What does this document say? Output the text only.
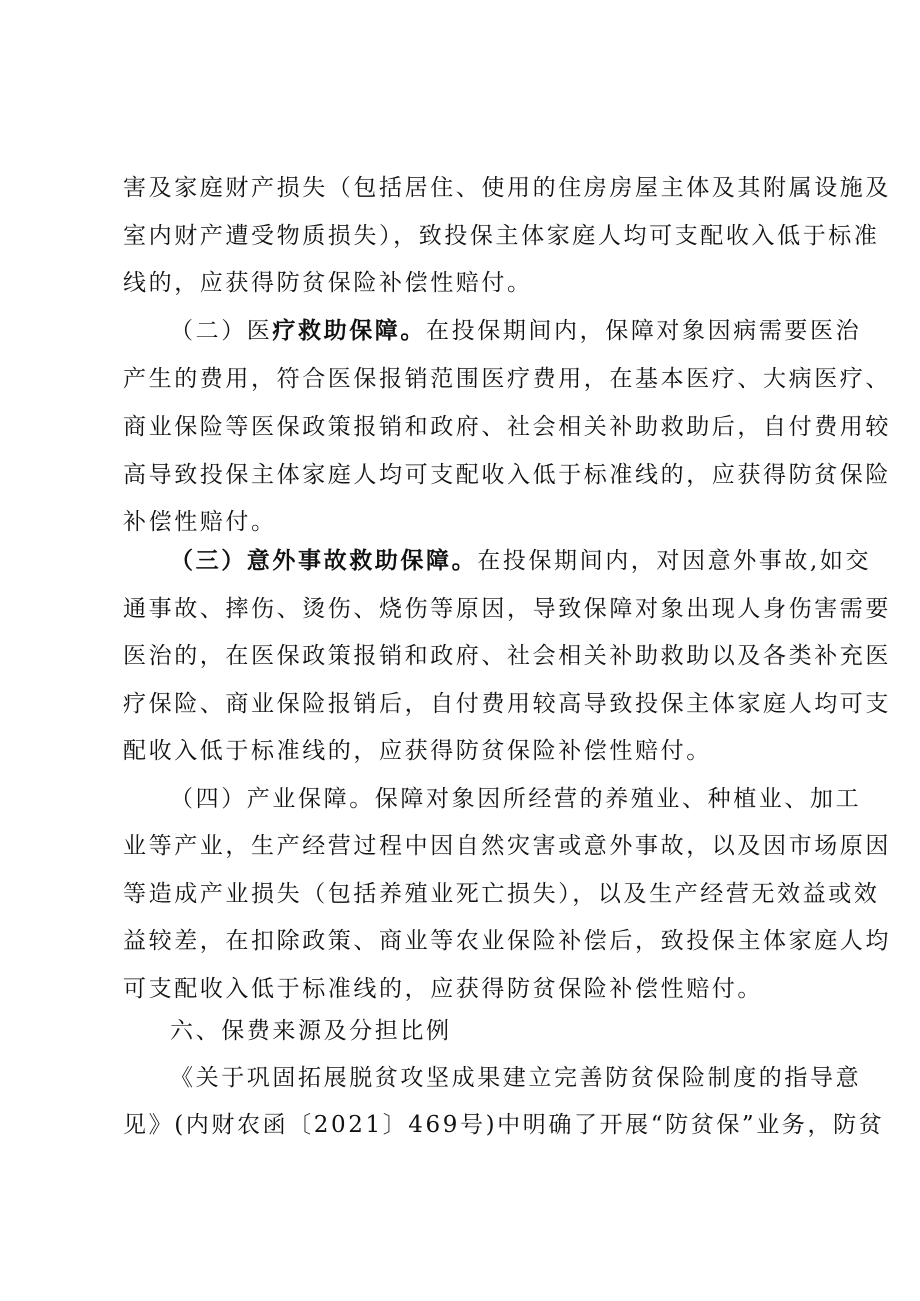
害及家庭财产损失（包括居住、使用的住房房屋主体及其附属设施及
室内财产遭受物质损失），致投保主体家庭人均可支配收入低于标准
线的，应获得防贫保险补偿性赔付。
（二）医疗救助保障。在投保期间内，保障对象因病需要医治
产生的费用，符合医保报销范围医疗费用，在基本医疗、大病医疗、
商业保险等医保政策报销和政府、社会相关补助救助后，自付费用较
高导致投保主体家庭人均可支配收入低于标准线的，应获得防贫保险
补偿性赔付。
（三）意外事故救助保障。在投保期间内，对因意外事故,如交
通事故、摔伤、烫伤、烧伤等原因，导致保障对象出现人身伤害需要
医治的，在医保政策报销和政府、社会相关补助救助以及各类补充医
疗保险、商业保险报销后，自付费用较高导致投保主体家庭人均可支
配收入低于标准线的，应获得防贫保险补偿性赔付。
（四）产业保障。保障对象因所经营的养殖业、种植业、加工
业等产业，生产经营过程中因自然灾害或意外事故，以及因市场原因
等造成产业损失（包括养殖业死亡损失），以及生产经营无效益或效
益较差，在扣除政策、商业等农业保险补偿后，致投保主体家庭人均
可支配收入低于标准线的，应获得防贫保险补偿性赔付。
六、保费来源及分担比例
《关于巩固拓展脱贫攻坚成果建立完善防贫保险制度的指导意
见》(内财农函〔2021〕469号)中明确了开展“防贫保”业务，防贫
